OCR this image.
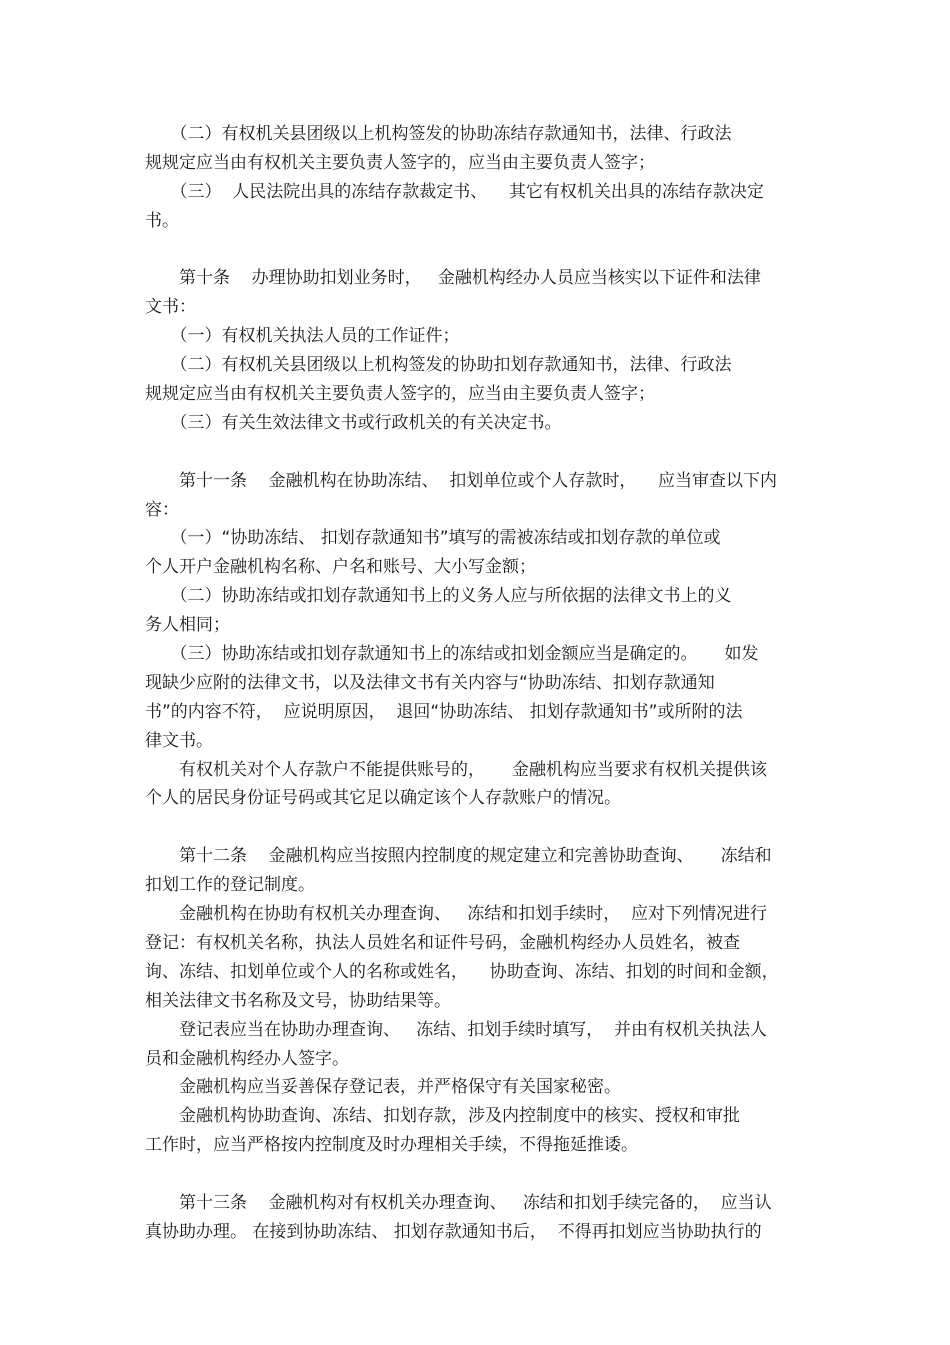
　　（二）有权机关县团级以上机构签发的协助冻结存款通知书，法律、行政法
规规定应当由有权机关主要负责人签字的，应当由主要负责人签字；
　　（三）  人民法院出具的冻结存款裁定书、    其它有权机关出具的冻结存款决定
书。
　　第十条    办理协助扣划业务时，   金融机构经办人员应当核实以下证件和法律
文书：
　　（一）有权机关执法人员的工作证件；
　　（二）有权机关县团级以上机构签发的协助扣划存款通知书，法律、行政法
规规定应当由有权机关主要负责人签字的，应当由主要负责人签字；
　　（三）有关生效法律文书或行政机关的有关决定书。
　　第十一条    金融机构在协助冻结、  扣划单位或个人存款时，    应当审查以下内
容：
　　（一）“协助冻结、 扣划存款通知书”填写的需被冻结或扣划存款的单位或
个人开户金融机构名称、户名和账号、大小写金额；
　　（二）协助冻结或扣划存款通知书上的义务人应与所依据的法律文书上的义
务人相同；
　　（三）协助冻结或扣划存款通知书上的冻结或扣划金额应当是确定的。     如发
现缺少应附的法律文书，以及法律文书有关内容与“协助冻结、扣划存款通知
书”的内容不符，  应说明原因，  退回“协助冻结、 扣划存款通知书”或所附的法
律文书。
　　有权机关对个人存款户不能提供账号的，     金融机构应当要求有权机关提供该
个人的居民身份证号码或其它足以确定该个人存款账户的情况。
　　第十二条    金融机构应当按照内控制度的规定建立和完善协助查询、     冻结和
扣划工作的登记制度。
　　金融机构在协助有权机关办理查询、   冻结和扣划手续时，  应对下列情况进行
登记：有权机关名称，执法人员姓名和证件号码，金融机构经办人员姓名，被查
询、冻结、扣划单位或个人的名称或姓名，    协助查询、冻结、扣划的时间和金额，
相关法律文书名称及文号，协助结果等。
　　登记表应当在协助办理查询、   冻结、扣划手续时填写，  并由有权机关执法人
员和金融机构经办人签字。
　　金融机构应当妥善保存登记表，并严格保守有关国家秘密。
　　金融机构协助查询、冻结、扣划存款，涉及内控制度中的核实、授权和审批
工作时，应当严格按内控制度及时办理相关手续，不得拖延推诿。
　　第十三条    金融机构对有权机关办理查询、   冻结和扣划手续完备的，  应当认
真协助办理。 在接到协助冻结、 扣划存款通知书后，  不得再扣划应当协助执行的
